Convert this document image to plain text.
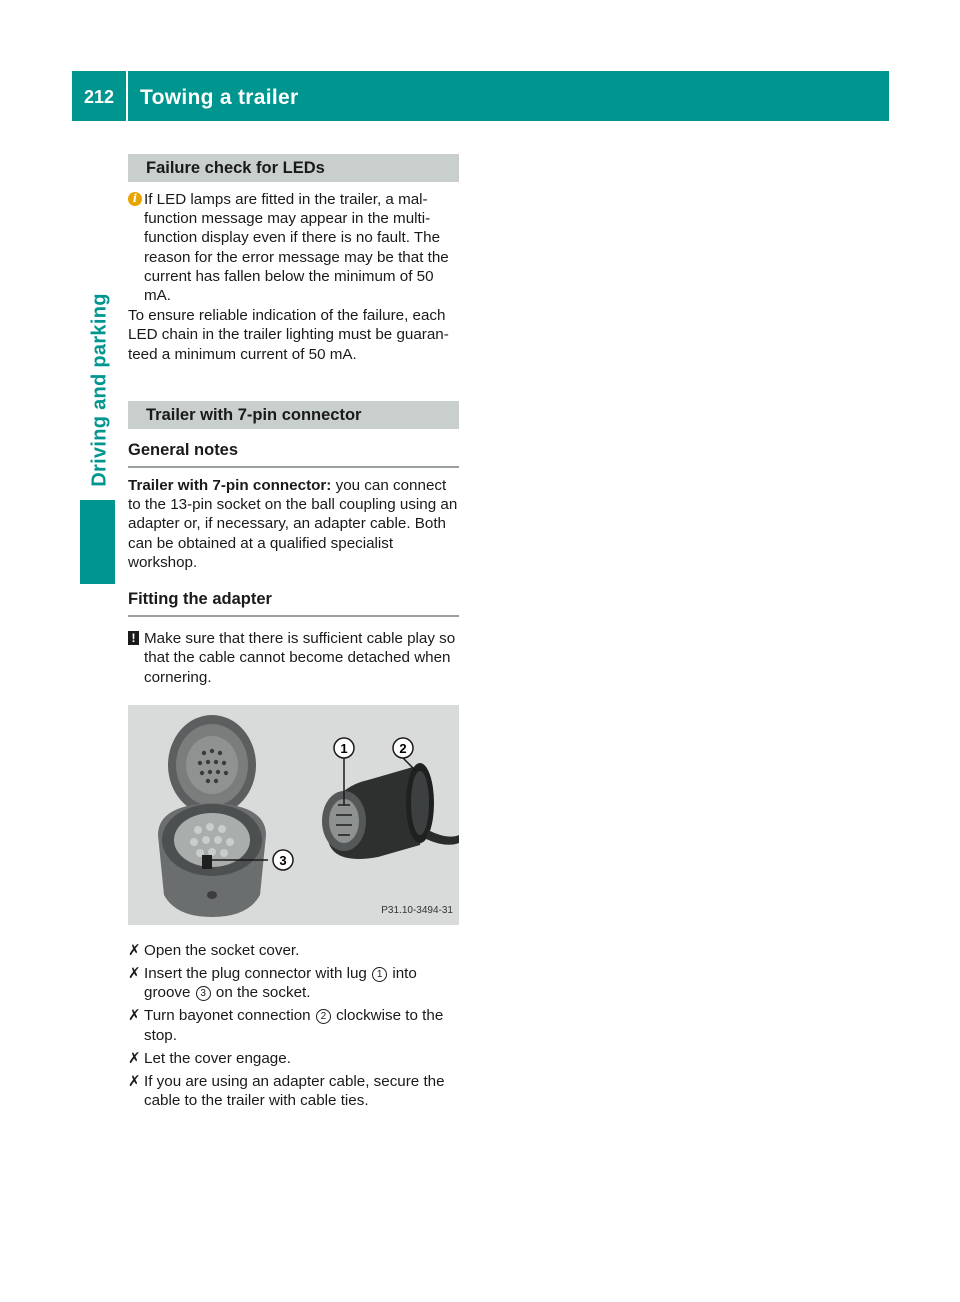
212 Towing a trailer
Driving and parking
Failure check for LEDs
i If LED lamps are fitted in the trailer, a mal- function message may appear in the multi- function display even if there is no fault. The reason for the error message may be that the current has fallen below the minimum of 50 mA.

To ensure reliable indication of the failure, each LED chain in the trailer lighting must be guaran- teed a minimum current of 50 mA.

Trailer with 7-pin connector
General notes

Trailer with 7-pin connector: you can connect to the 13-pin socket on the ball coupling using an adapter or, if necessary, an adapter cable. Both can be obtained at a qualified specialist workshop.

Fitting the adapter
! Make sure that there is sufficient cable play so that the cable cannot become detached when cornering.

1	2
3
P31.10-3494-31
✗ Open the socket cover.
✗ Insert the plug connector with lug 1 into groove 3 on the socket.
✗ Turn bayonet connection 2 clockwise to the stop.
✗ Let the cover engage.
✗ If you are using an adapter cable, secure the cable to the trailer with cable ties.
